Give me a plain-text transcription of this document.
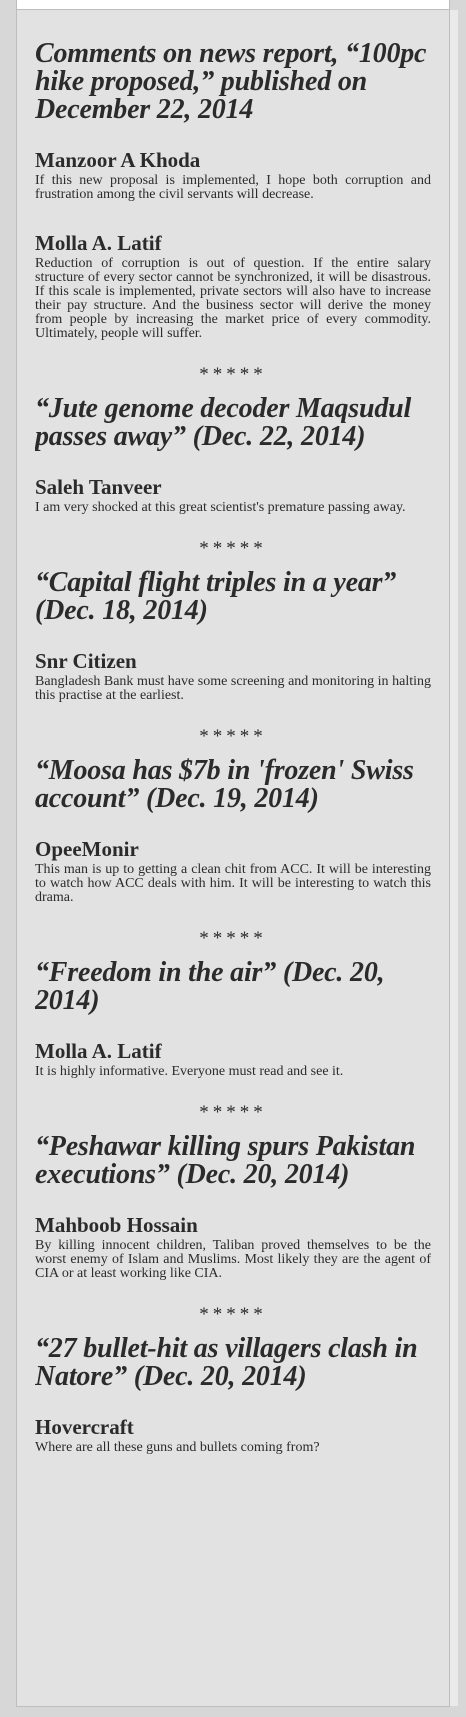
Comments on news report, “100pc hike proposed,” published on December 22, 2014
Manzoor A Khoda

If this new proposal is implemented, I hope both corruption and frustration among the civil servants will decrease.

Molla A. Latif

Reduction of corruption is out of question. If the entire salary structure of every sector cannot be synchronized, it will be disastrous. If this scale is implemented, private sectors will also have to increase their pay structure. And the business sector will derive the money from people by increasing the market price of every commodity. Ultimately, people will suffer.

*****
“Jute genome decoder Maqsudul passes away” (Dec. 22, 2014)
Saleh Tanveer

I am very shocked at this great scientist's premature passing away.

*****
“Capital flight triples in a year” (Dec. 18, 2014)
Snr Citizen

Bangladesh Bank must have some screening and monitoring in halting this practise at the earliest.

*****
“Moosa has $7b in 'frozen' Swiss account” (Dec. 19, 2014)
OpeeMonir

This man is up to getting a clean chit from ACC. It will be interesting to watch how ACC deals with him. It will be interesting to watch this drama.

*****
“Freedom in the air” (Dec. 20, 2014)
Molla A. Latif

It is highly informative. Everyone must read and see it.

*****
“Peshawar killing spurs Pakistan executions” (Dec. 20, 2014)
Mahboob Hossain

By killing innocent children, Taliban proved themselves to be the worst enemy of Islam and Muslims. Most likely they are the agent of CIA or at least working like CIA.

*****
“27 bullet-hit as villagers clash in Natore” (Dec. 20, 2014)
Hovercraft

Where are all these guns and bullets coming from?
